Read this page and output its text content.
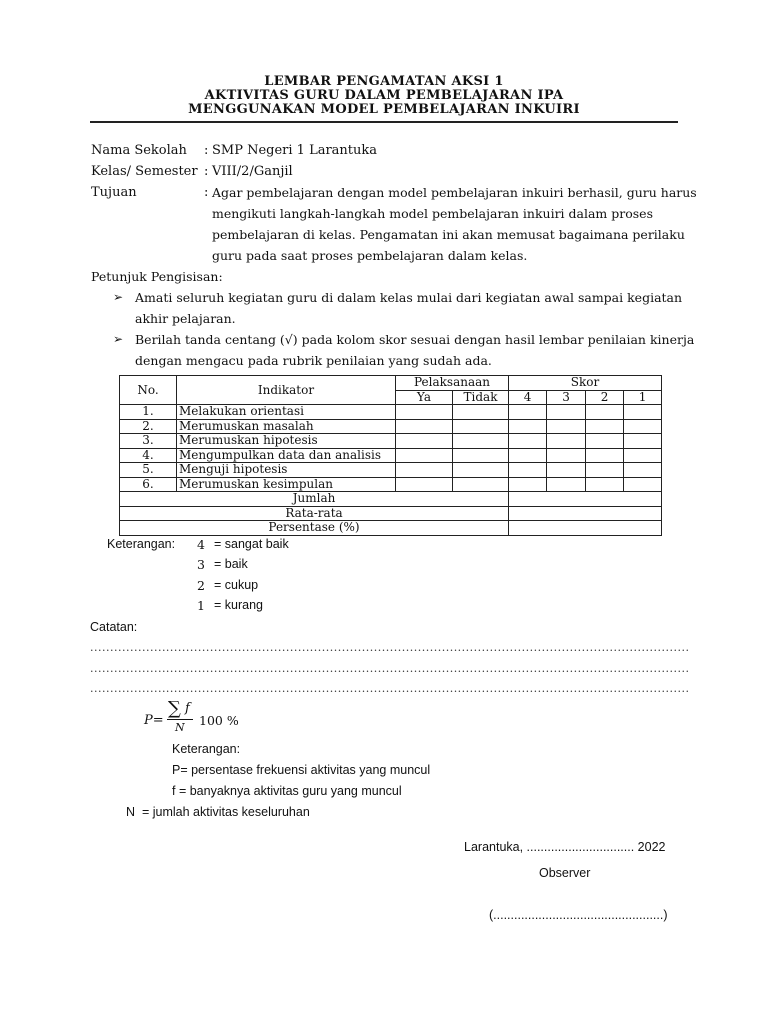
LEMBAR PENGAMATAN AKSI 1
AKTIVITAS GURU DALAM PEMBELAJARAN IPA
MENGGUNAKAN MODEL PEMBELAJARAN INKUIRI
Nama Sekolah : SMP Negeri 1 Larantuka
Kelas/ Semester : VIII/2/Ganjil
Tujuan	: Agar pembelajaran dengan model pembelajaran inkuiri berhasil, guru harus
mengikuti langkah-langkah model pembelajaran inkuiri dalam proses
pembelajaran di kelas. Pengamatan ini akan memusat bagaimana perilaku
guru pada saat proses pembelajaran dalam kelas.
Petunjuk Pengisisan:
➢ Amati seluruh kegiatan guru di dalam kelas mulai dari kegiatan awal sampai kegiatan
akhir pelajaran.
➢ Berilah tanda centang (√) pada kolom skor sesuai dengan hasil lembar penilaian kinerja
dengan mengacu pada rubrik penilaian yang sudah ada.
No.	Indikator	Pelaksanaan		Skor			
		Ya	Tidak	4	3	2	1
1.	Melakukan orientasi						
2.	Merumuskan masalah						
3.	Merumuskan hipotesis						
4.	Mengumpulkan data dan analisis						
5.	Menguji hipotesis						
6.	Merumuskan kesimpulan						
Jumlah							
Rata-rata							
Persentase (%)							
Keterangan: 4 = sangat baik
3 = baik
2 = cukup
1 = kurang
Catatan:
......................................................................................................................................................
......................................................................................................................................................
......................................................................................................................................................
P=
∑ f
N 100 %
Keterangan:
P= persentase frekuensi aktivitas yang muncul
f = banyaknya aktivitas guru yang muncul
N  = jumlah aktivitas keseluruhan
Larantuka, ............................... 2022
Observer
(.................................................)
